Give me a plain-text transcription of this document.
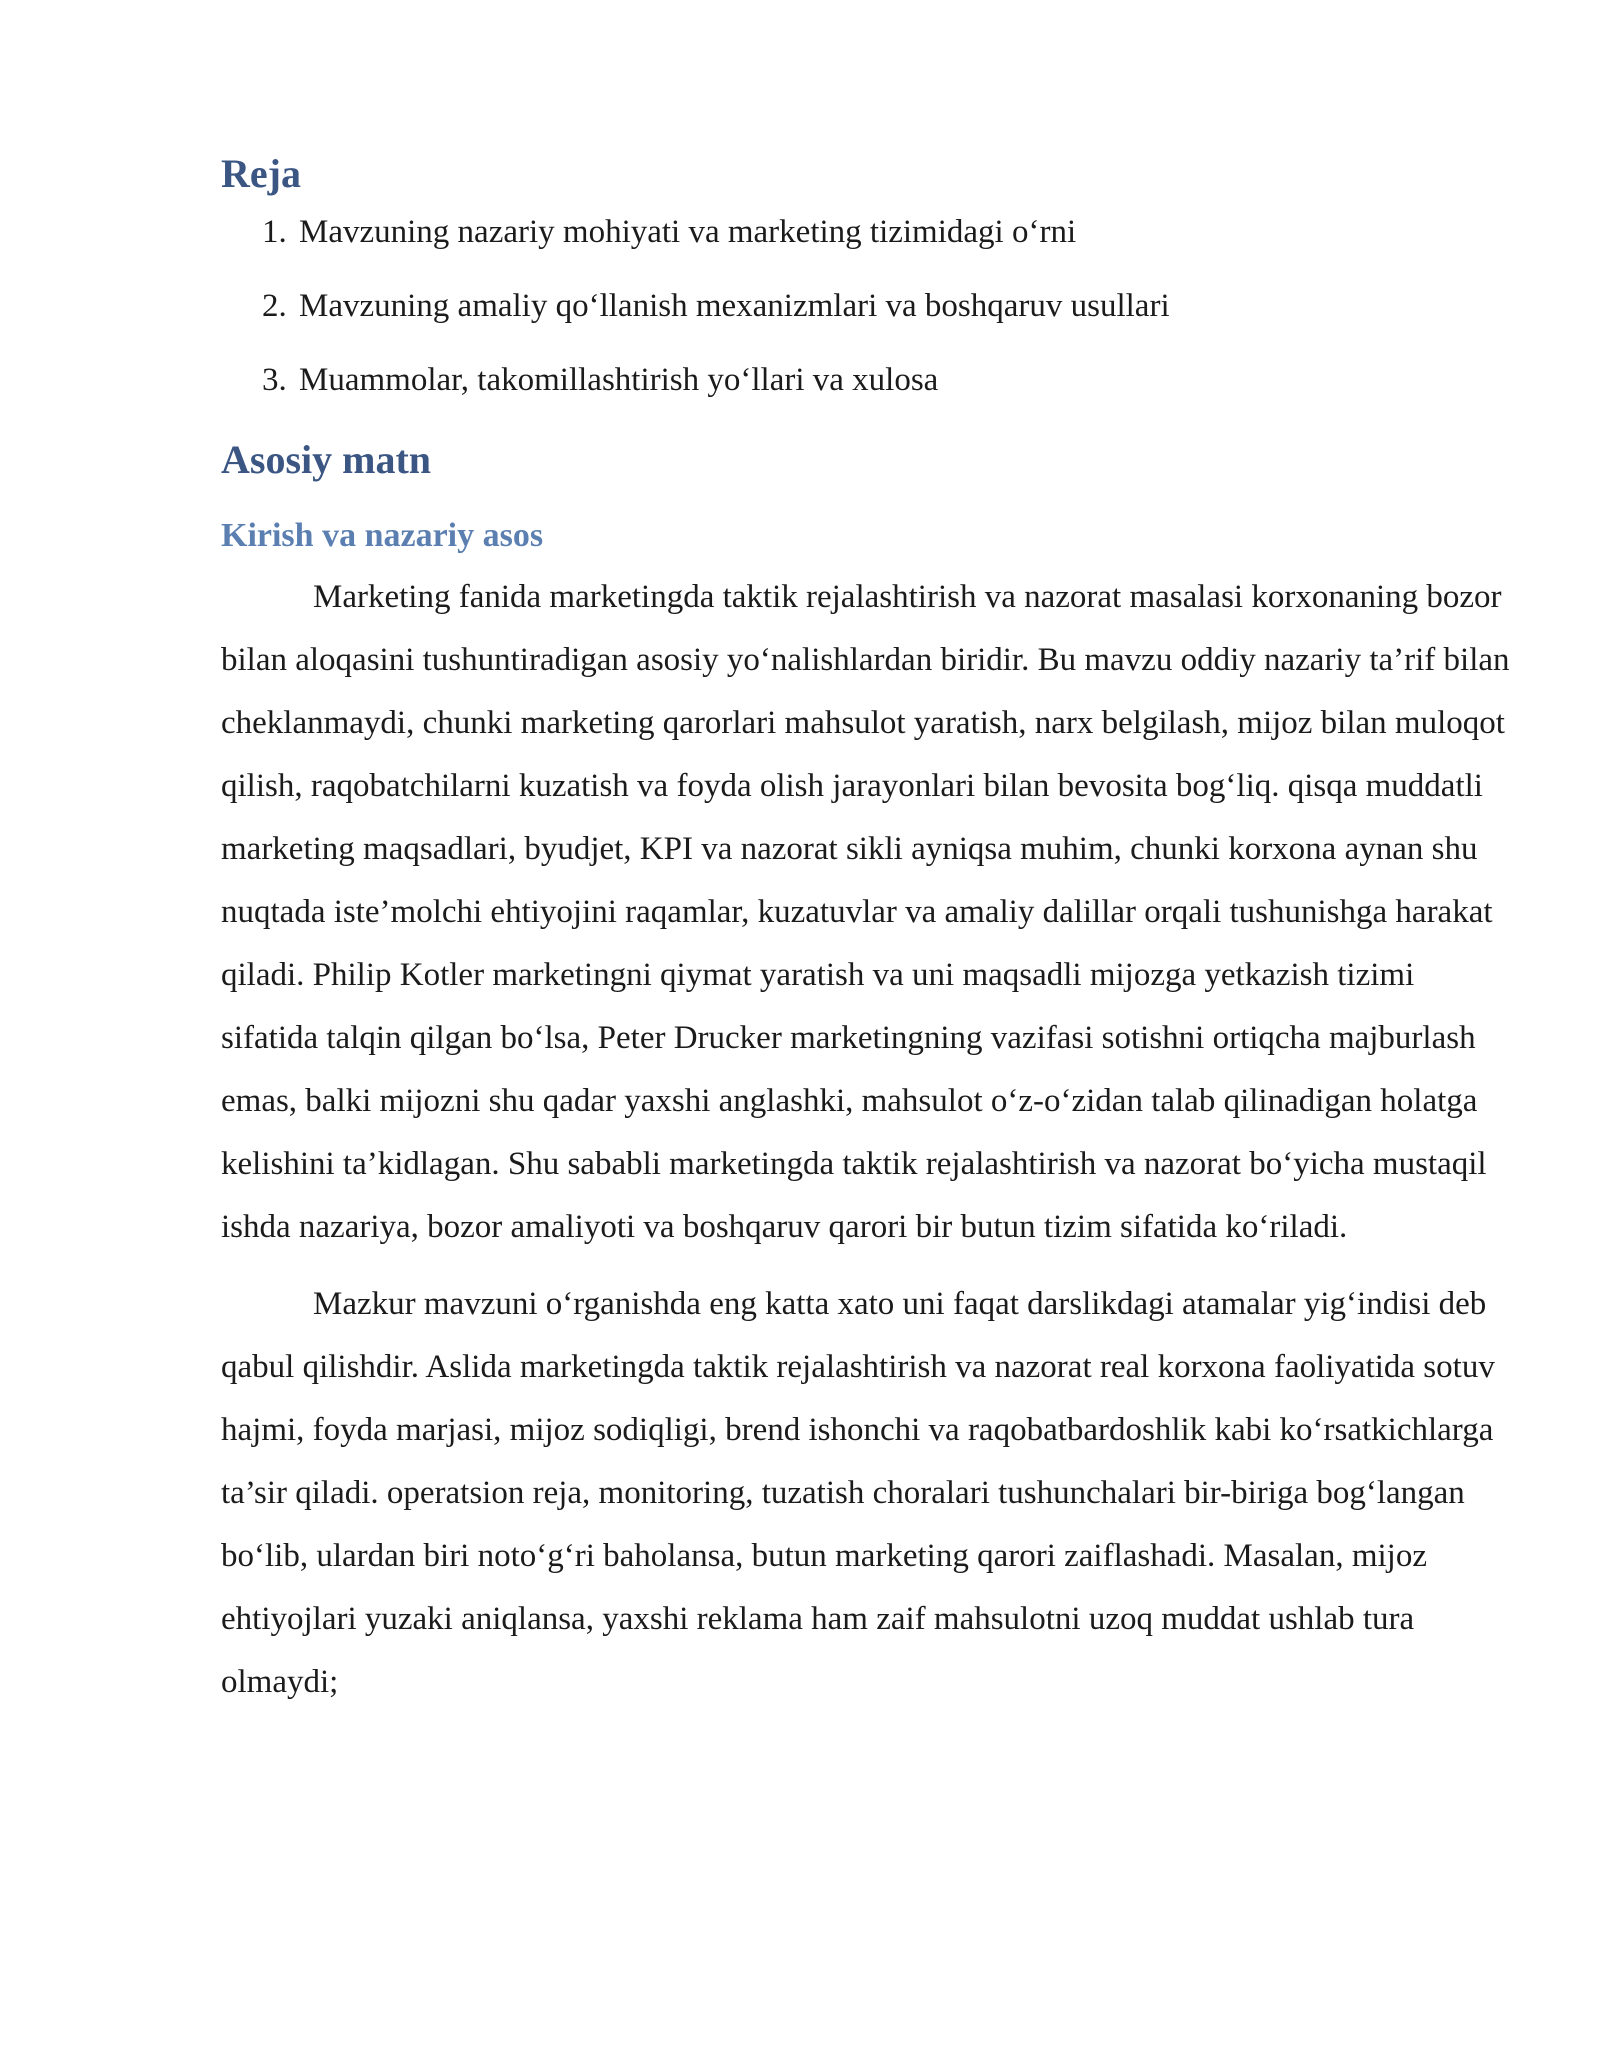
Reja
1. Mavzuning nazariy mohiyati va marketing tizimidagi o‘rni
2. Mavzuning amaliy qo‘llanish mexanizmlari va boshqaruv usullari
3. Muammolar, takomillashtirish yo‘llari va xulosa
Asosiy matn
Kirish va nazariy asos

Marketing fanida marketingda taktik rejalashtirish va nazorat masalasi korxonaning bozor bilan aloqasini tushuntiradigan asosiy yo‘nalishlardan biridir. Bu mavzu oddiy nazariy ta’rif bilan cheklanmaydi, chunki marketing qarorlari mahsulot yaratish, narx belgilash, mijoz bilan muloqot qilish, raqobatchilarni kuzatish va foyda olish jarayonlari bilan bevosita bog‘liq. qisqa muddatli marketing maqsadlari, byudjet, KPI va nazorat sikli ayniqsa muhim, chunki korxona aynan shu nuqtada iste’molchi ehtiyojini raqamlar, kuzatuvlar va amaliy dalillar orqali tushunishga harakat qiladi. Philip Kotler marketingni qiymat yaratish va uni maqsadli mijozga yetkazish tizimi sifatida talqin qilgan bo‘lsa, Peter Drucker marketingning vazifasi sotishni ortiqcha majburlash emas, balki mijozni shu qadar yaxshi anglashki, mahsulot o‘z-o‘zidan talab qilinadigan holatga kelishini ta’kidlagan. Shu sababli marketingda taktik rejalashtirish va nazorat bo‘yicha mustaqil ishda nazariya, bozor amaliyoti va boshqaruv qarori bir butun tizim sifatida ko‘riladi.

Mazkur mavzuni o‘rganishda eng katta xato uni faqat darslikdagi atamalar yig‘indisi deb qabul qilishdir. Aslida marketingda taktik rejalashtirish va nazorat real korxona faoliyatida sotuv hajmi, foyda marjasi, mijoz sodiqligi, brend ishonchi va raqobatbardoshlik kabi ko‘rsatkichlarga ta’sir qiladi. operatsion reja, monitoring, tuzatish choralari tushunchalari bir-biriga bog‘langan bo‘lib, ulardan biri noto‘g‘ri baholansa, butun marketing qarori zaiflashadi. Masalan, mijoz ehtiyojlari yuzaki aniqlansa, yaxshi reklama ham zaif mahsulotni uzoq muddat ushlab tura olmaydi;
